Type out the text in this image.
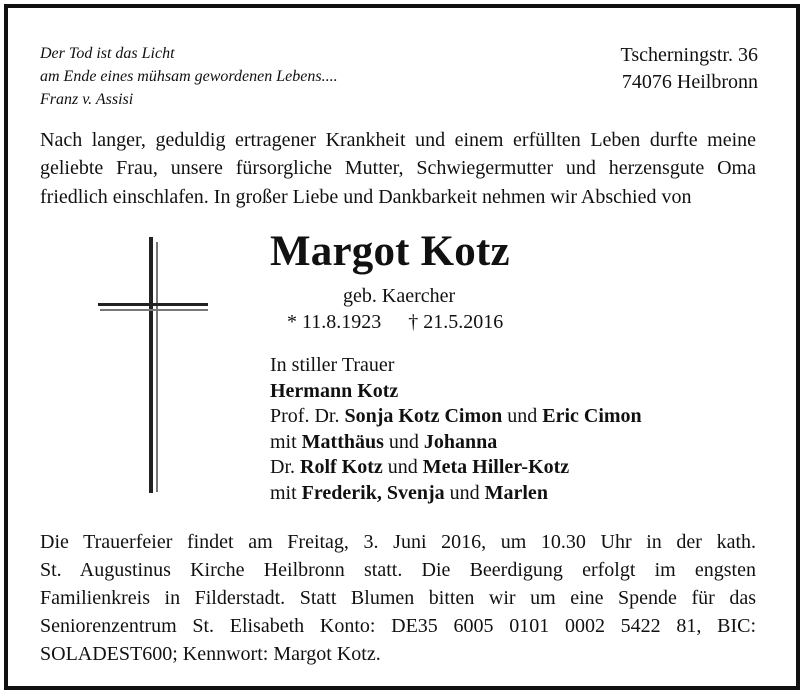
Der Tod ist das Licht
am Ende eines mühsam gewordenen Lebens....
Franz v. Assisi
Tscherningstr. 36
74076 Heilbronn
Nach langer, geduldig ertragener Krankheit und einem erfüllten Leben durfte meine
geliebte Frau, unsere fürsorgliche Mutter, Schwiegermutter und herzensgute Oma
friedlich einschlafen. In großer Liebe und Dankbarkeit nehmen wir Abschied von
Margot Kotz
geb. Kaercher
* 11.8.1923 † 21.5.2016
In stiller Trauer
Hermann Kotz
Prof. Dr. Sonja Kotz Cimon und Eric Cimon
mit Matthäus und Johanna
Dr. Rolf Kotz und Meta Hiller-Kotz
mit Frederik, Svenja und Marlen
Die Trauerfeier findet am Freitag, 3. Juni 2016, um 10.30 Uhr in der kath.
St. Augustinus Kirche Heilbronn statt. Die Beerdigung erfolgt im engsten
Familienkreis in Filderstadt. Statt Blumen bitten wir um eine Spende für das
Seniorenzentrum St. Elisabeth Konto: DE35 6005 0101 0002 5422 81, BIC:
SOLADEST600; Kennwort: Margot Kotz.
